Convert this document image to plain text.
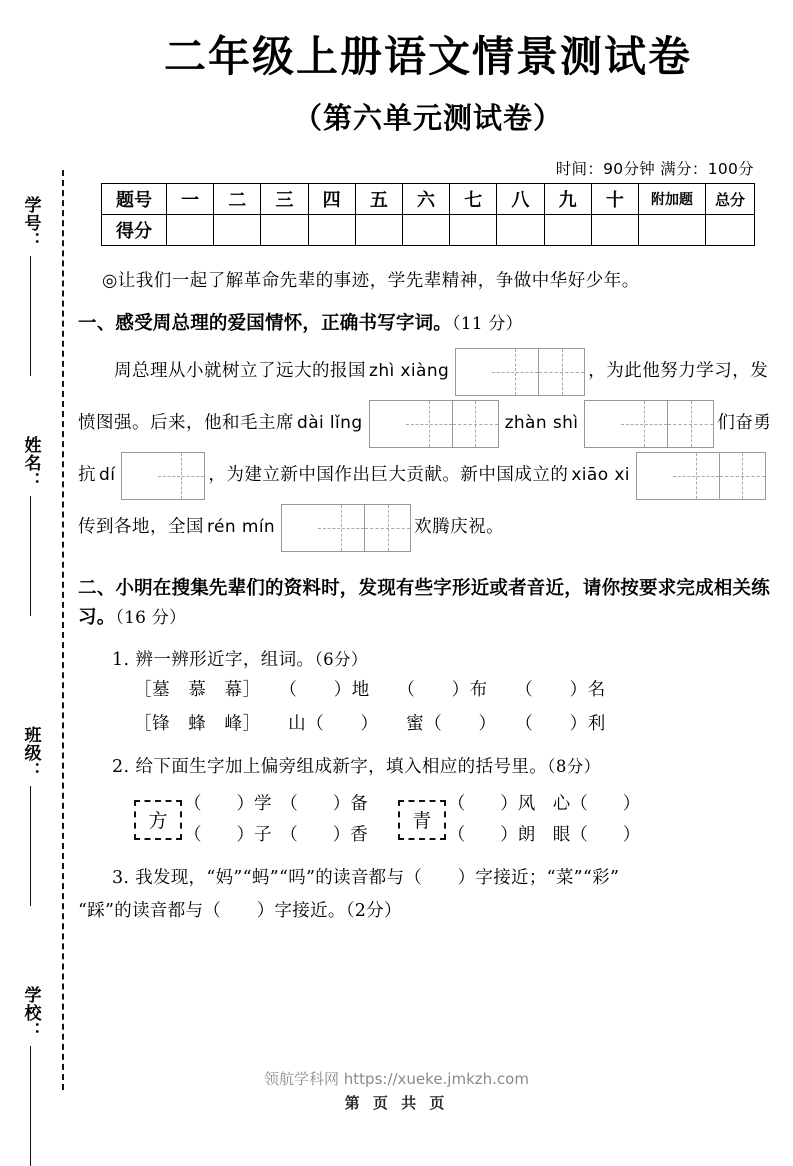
学号：
姓名：
班级：
学校：
二年级上册语文情景测试卷
（第六单元测试卷）
时间：90分钟 满分：100分
题号	一	二	三	四	五	六	七	八	九	十	附加题	总分
得分												

◎让我们一起了解革命先辈的事迹，学先辈精神，争做中华好少年。

一、感受周总理的爱国情怀，正确书写字词。（11 分）
周总理从小就树立了远大的报国 zhì xiàng	，为此他努力学习，发愤图强。后来，他和毛主席 dài lǐng	zhàn shì	们奋勇抗 dí	，为建立新中国作出巨大贡献。新中国成立的 xiāo xi传到各地，全国 rén mín	欢腾庆祝。
二、小明在搜集先辈们的资料时，发现有些字形近或者音近，请你按要求完成相关练习。（16 分）
1. 辨一辨形近字，组词。（6分）
［墓　慕　幕］　　 （　　）地　　（　　）布　　（　　）名
［锋　蜂　峰］　　 山（　　）　　蜜（　　）　　（　　）利
2. 给下面生字加上偏旁组成新字，填入相应的括号里。（8分）
方
（　　）学　（　　）备
（　　）子　（　　）香
青
（　　）风　心（　　）
（　　）朗　眼（　　）
3. 我发现，“妈”“蚂”“吗”的读音都与（　　）字接近；“菜”“彩”
“踩”的读音都与（　　）字接近。（2分）
领航学科网 https://xueke.jmkzh.com
第 页 共 页
